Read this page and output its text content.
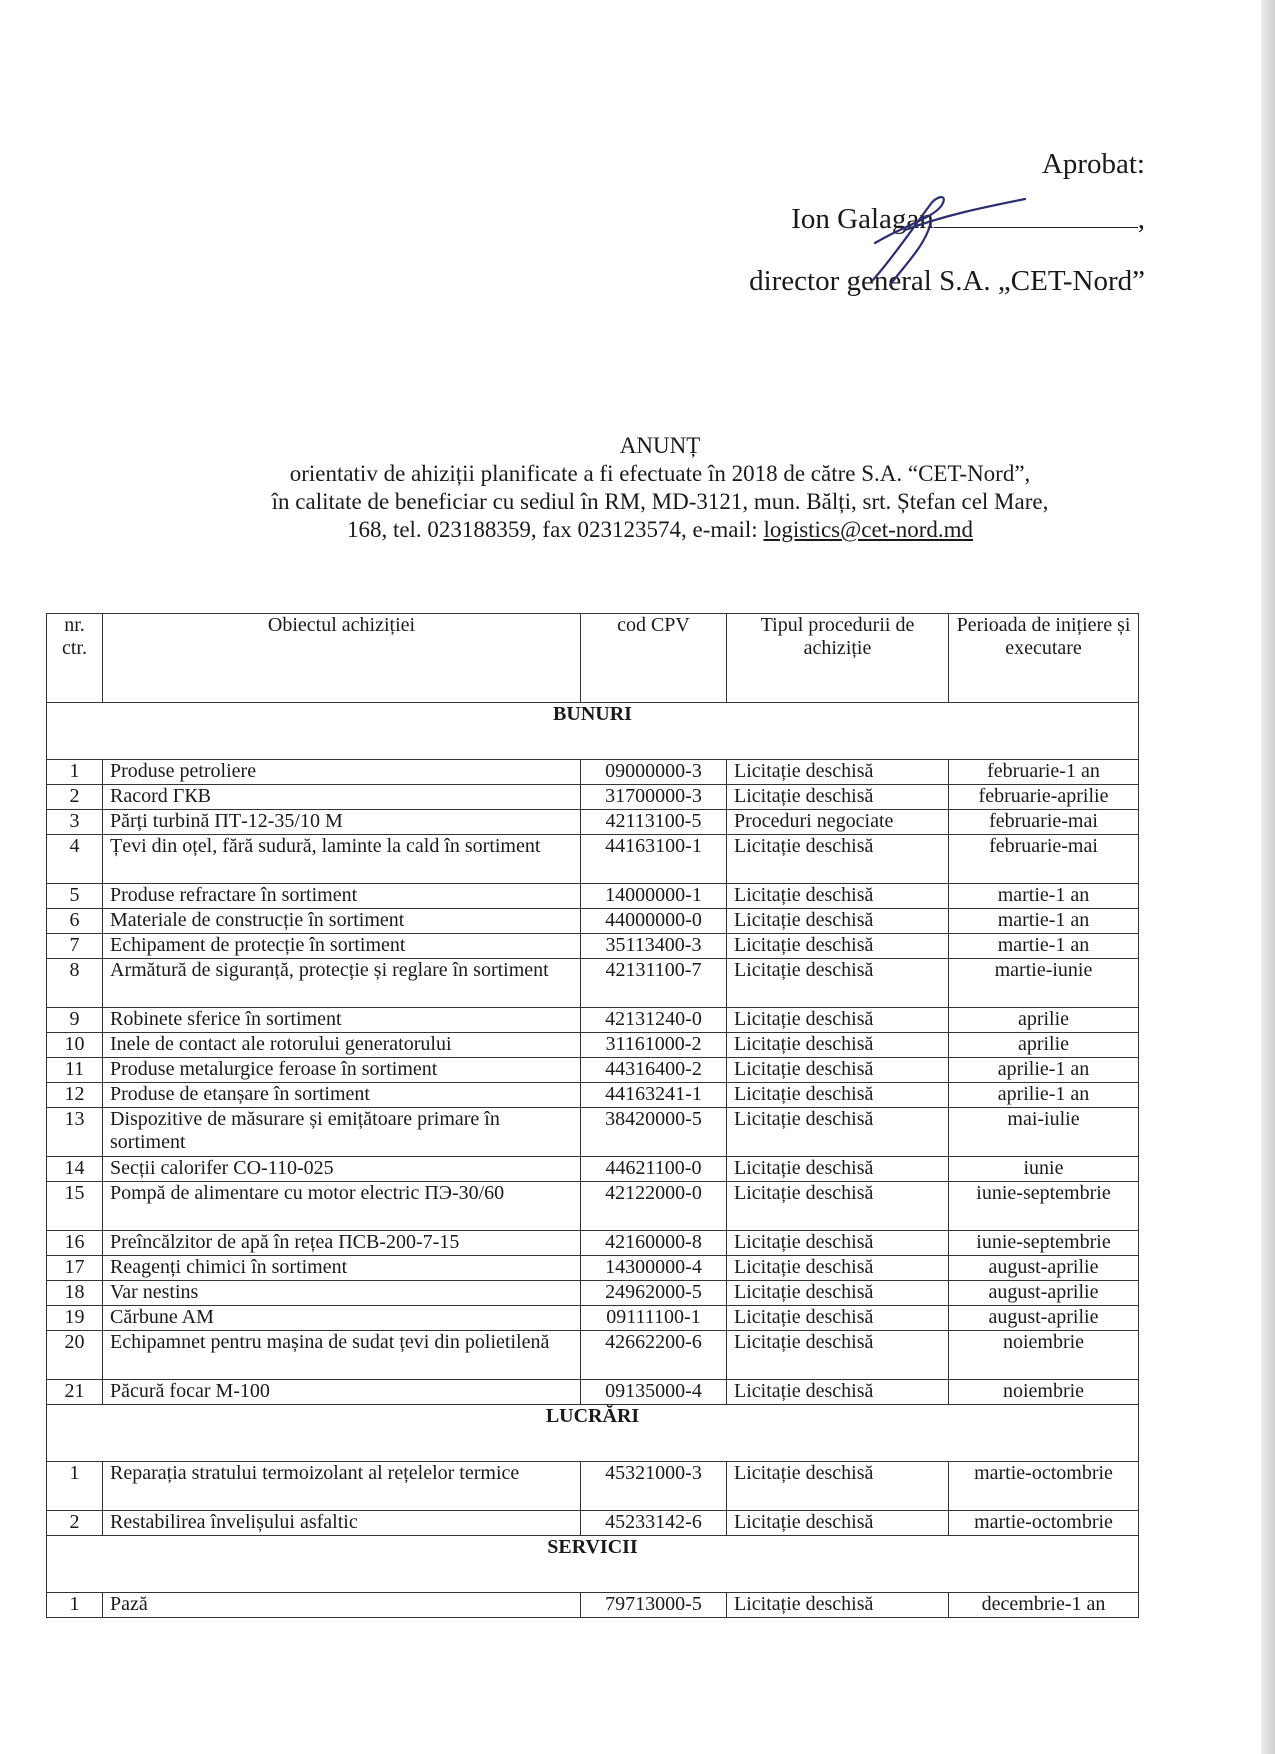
Aprobat:
Ion Galagan	,
director general S.A. „CET-Nord”
ANUNȚ
orientativ de ahiziții planificate a fi efectuate în 2018 de către S.A. “CET-Nord”,
în calitate de beneficiar cu sediul în RM, MD-3121, mun. Bălți, srt. Ștefan cel Mare,
168, tel. 023188359, fax 023123574, e-mail: logistics@cet-nord.md
nr. ctr.	Obiectul achiziției	cod CPV	Tipul procedurii de achiziție	Perioada de inițiere și executare
BUNURI				
1	Produse petroliere	09000000-3	Licitație deschisă	februarie-1 an
2	Racord ГКВ	31700000-3	Licitație deschisă	februarie-aprilie
3	Părți turbină ПТ-12-35/10 М	42113100-5	Proceduri negociate	februarie-mai
4	Țevi din oțel, fără sudură, laminte la cald în sortiment	44163100-1	Licitație deschisă	februarie-mai
5	Produse refractare în sortiment	14000000-1	Licitație deschisă	martie-1 an
6	Materiale de construcție în sortiment	44000000-0	Licitație deschisă	martie-1 an
7	Echipament de protecție în sortiment	35113400-3	Licitație deschisă	martie-1 an
8	Armătură de siguranță, protecție și reglare în sortiment	42131100-7	Licitație deschisă	martie-iunie
9	Robinete sferice în sortiment	42131240-0	Licitație deschisă	aprilie
10	Inele de contact ale rotorului generatorului	31161000-2	Licitație deschisă	aprilie
11	Produse metalurgice feroase în sortiment	44316400-2	Licitație deschisă	aprilie-1 an
12	Produse de etanșare în sortiment	44163241-1	Licitație deschisă	aprilie-1 an
13	Dispozitive de măsurare și emițătoare primare în sortiment	38420000-5	Licitație deschisă	mai-iulie
14	Secții calorifer CO-110-025	44621100-0	Licitație deschisă	iunie
15	Pompă de alimentare cu motor electric ПЭ-30/60	42122000-0	Licitație deschisă	iunie-septembrie
16	Preîncălzitor de apă în rețea ПСВ-200-7-15	42160000-8	Licitație deschisă	iunie-septembrie
17	Reagenți chimici în sortiment	14300000-4	Licitație deschisă	august-aprilie
18	Var nestins	24962000-5	Licitație deschisă	august-aprilie
19	Cărbune AM	09111100-1	Licitație deschisă	august-aprilie
20	Echipamnet pentru mașina de sudat țevi din polietilenă	42662200-6	Licitație deschisă	noiembrie
21	Păcură focar M-100	09135000-4	Licitație deschisă	noiembrie
LUCRĂRI				
1	Reparația stratului termoizolant al rețelelor termice	45321000-3	Licitație deschisă	martie-octombrie
2	Restabilirea învelișului asfaltic	45233142-6	Licitație deschisă	martie-octombrie
SERVICII				
1	Pază	79713000-5	Licitație deschisă	decembrie-1 an
